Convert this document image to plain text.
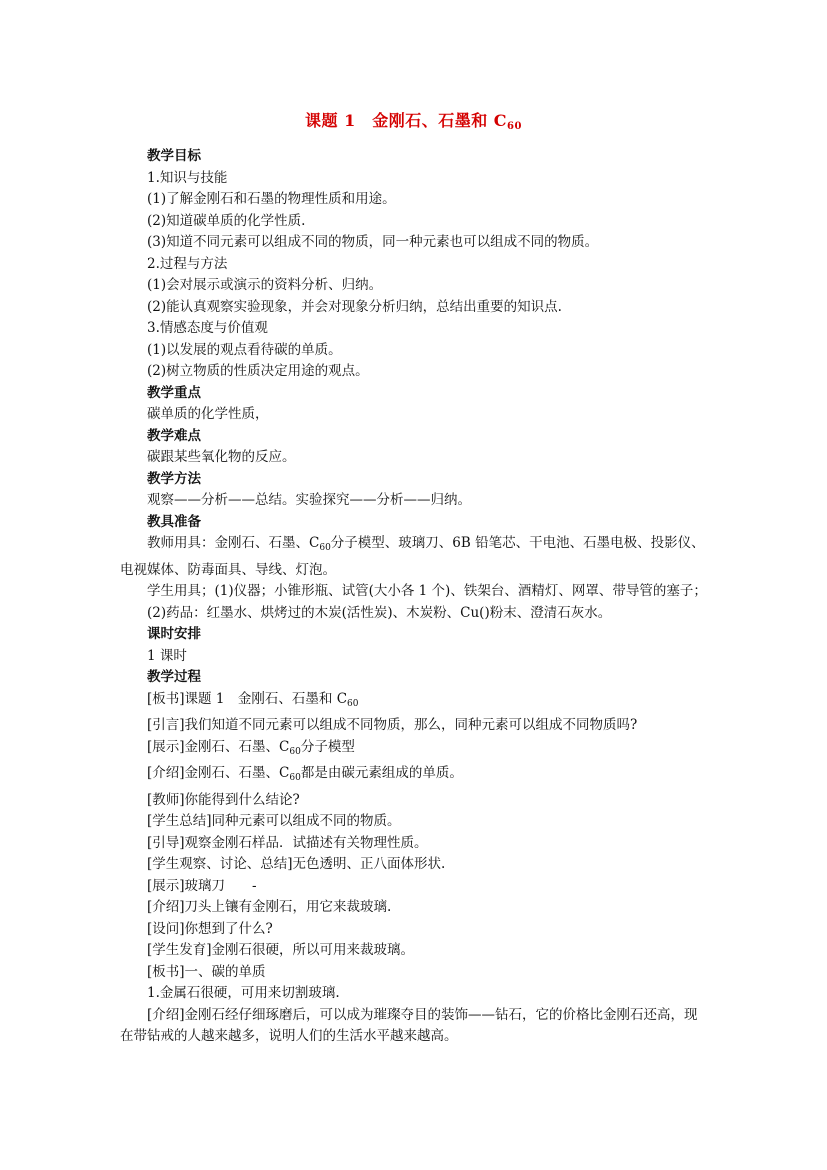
课题 1　金刚石、石墨和 $C_{60}$

教学目标

1.知识与技能

(1)了解金刚石和石墨的物理性质和用途。

(2)知道碳单质的化学性质.

(3)知道不同元素可以组成不同的物质，同一种元素也可以组成不同的物质。

2.过程与方法

(1)会对展示或演示的资料分析、归纳。

(2)能认真观察实验现象，并会对现象分析归纳，总结出重要的知识点.

3.情感态度与价值观

(1)以发展的观点看待碳的单质。

(2)树立物质的性质决定用途的观点。

教学重点

碳单质的化学性质，

教学难点

碳跟某些氧化物的反应。

教学方法

观察——分析——总结。实验探究——分析——归纳。

教具准备

教师用具：金刚石、石墨、$C_{60}$分子模型、玻璃刀、6B 铅笔芯、干电池、石墨电极、投影仪、电视媒体、防毒面具、导线、灯泡。

学生用具；(1)仪器；小锥形瓶、试管(大小各 1 个)、铁架台、酒精灯、网罩、带导管的塞子；

(2)药品：红墨水、烘烤过的木炭(活性炭)、木炭粉、Cu()粉末、澄清石灰水。

课时安排

1 课时

教学过程

[板书]课题 1　金刚石、石墨和 $C_{60}$

[引言]我们知道不同元素可以组成不同物质，那么，同种元素可以组成不同物质吗?

[展示]金刚石、石墨、$C_{60}$分子模型

[介绍]金刚石、石墨、$C_{60}$都是由碳元素组成的单质。

[教师]你能得到什么结论?

[学生总结]同种元素可以组成不同的物质。

[引导]观察金刚石样品．试描述有关物理性质。

[学生观察、讨论、总结]无色透明、正八面体形状.

[展示]玻璃刀　　-

[介绍]刀头上镶有金刚石，用它来裁玻璃.

[设问]你想到了什么?

[学生发育]金刚石很硬，所以可用来裁玻璃。

[板书]一、碳的单质

1.金属石很硬，可用来切割玻璃.

[介绍]金刚石经仔细琢磨后，可以成为璀璨夺目的装饰——钻石，它的价格比金刚石还高，现在带钻戒的人越来越多，说明人们的生活水平越来越高。
